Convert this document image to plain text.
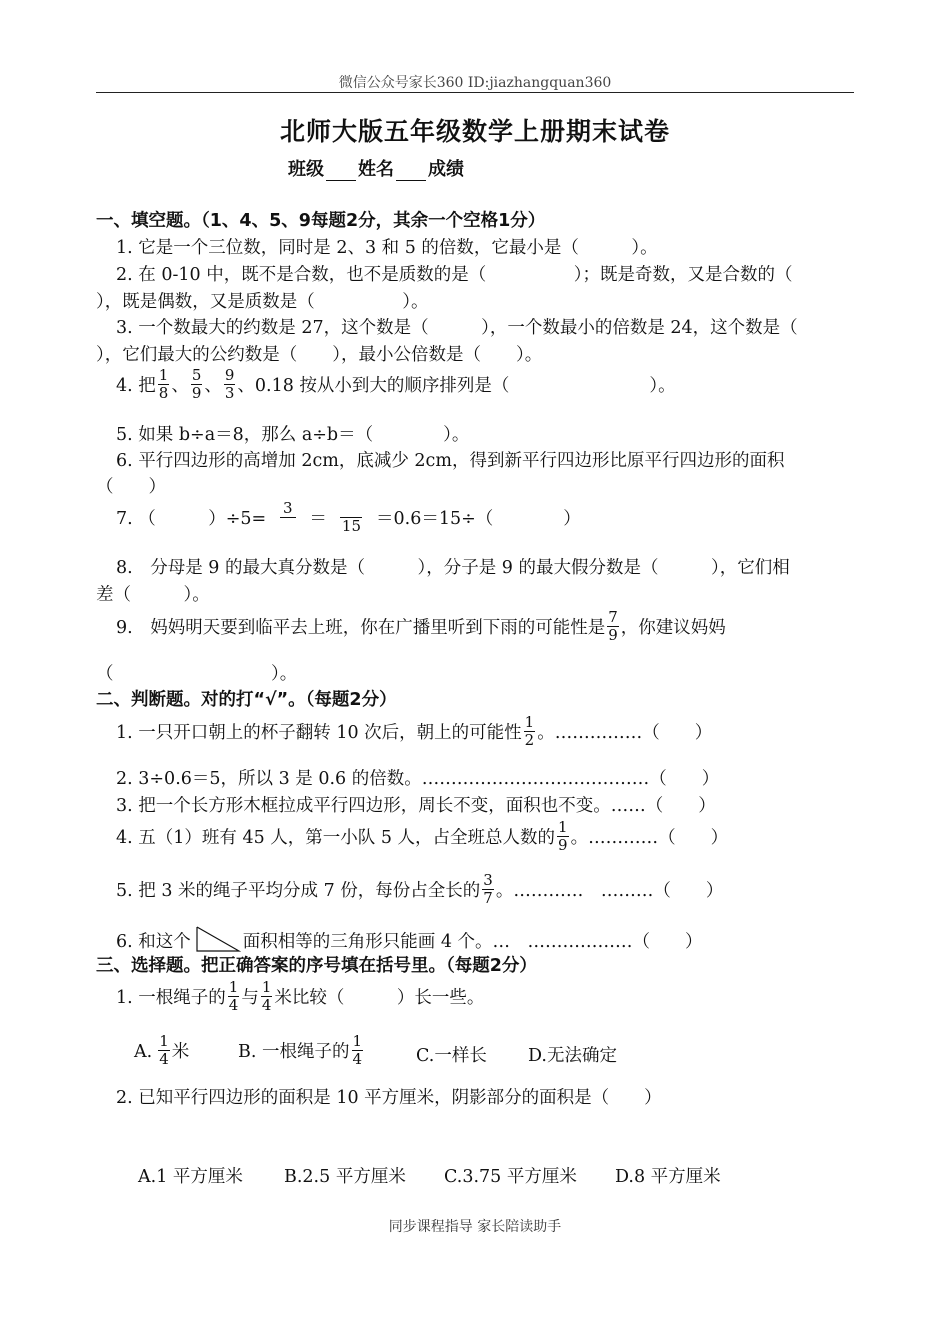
微信公众号家长360 ID:jiazhangquan360
北师大版五年级数学上册期末试卷
班级 姓名 成绩
一、填空题。（1、4、5、9每题2分，其余一个空格1分）
1. 它是一个三位数，同时是 2、3 和 5 的倍数，它最小是（　　　）。
2. 在 0-10 中，既不是合数，也不是质数的是（　　　　　）；既是奇数，又是合数的（
），既是偶数，又是质数是（　　　　　）。
3. 一个数最大的约数是 27，这个数是（　　　），一个数最小的倍数是 24，这个数是（
），它们最大的公约数是（　　），最小公倍数是（　　）。
4. 把 $\frac{1}{8}$ 、 $\frac{5}{9}$ 、 $\frac{9}{3}$ 、0.18 按从小到大的顺序排列是（　　　　　　　　）。
5. 如果 b÷a＝8，那么 a÷b＝（　　　　）。
6. 平行四边形的高增加 2cm，底减少 2cm，得到新平行四边形比原平行四边形的面积
（　　）
7. （　　　）÷5=
3
＝ 15 ＝0.6＝15÷（　　　　）
8.　分母是 9 的最大真分数是（　　　），分子是 9 的最大假分数是（　　　），它们相
差（　　　）。
9.　妈妈明天要到临平去上班，你在广播里听到下雨的可能性是 $\frac{7}{9}$ ，你建议妈妈
（　　　　　　　　　）。
二、判断题。对的打“√”。（每题2分）
1. 一只开口朝上的杯子翻转 10 次后，朝上的可能性 $\frac{1}{2}$ 。……………（　　）
2. 3÷0.6＝5，所以 3 是 0.6 的倍数。…………………………………（　　）
3. 把一个长方形木框拉成平行四边形，周长不变，面积也不变。……（　　）
4. 五（1）班有 45 人，第一小队 5 人，占全班总人数的 $\frac{1}{9}$ 。…………（　　）
5. 把 3 米的绳子平均分成 7 份，每份占全长的 $\frac{3}{7}$ 。…………　………（　　）
6. 和这个	面积相等的三角形只能画 4 个。…　………………（　　）
三、选择题。把正确答案的序号填在括号里。（每题2分）
1. 一根绳子的 $\frac{1}{4}$ 与 $\frac{1}{4}$ 米比较（　　　）长一些。
A. $\frac{1}{4}$ 米	B. 一根绳子的 $\frac{1}{4}$	C.一样长 D.无法确定
2. 已知平行四边形的面积是 10 平方厘米，阴影部分的面积是（　　）
A.1 平方厘米 B.2.5 平方厘米 C.3.75 平方厘米 D.8 平方厘米
同步课程指导 家长陪读助手
